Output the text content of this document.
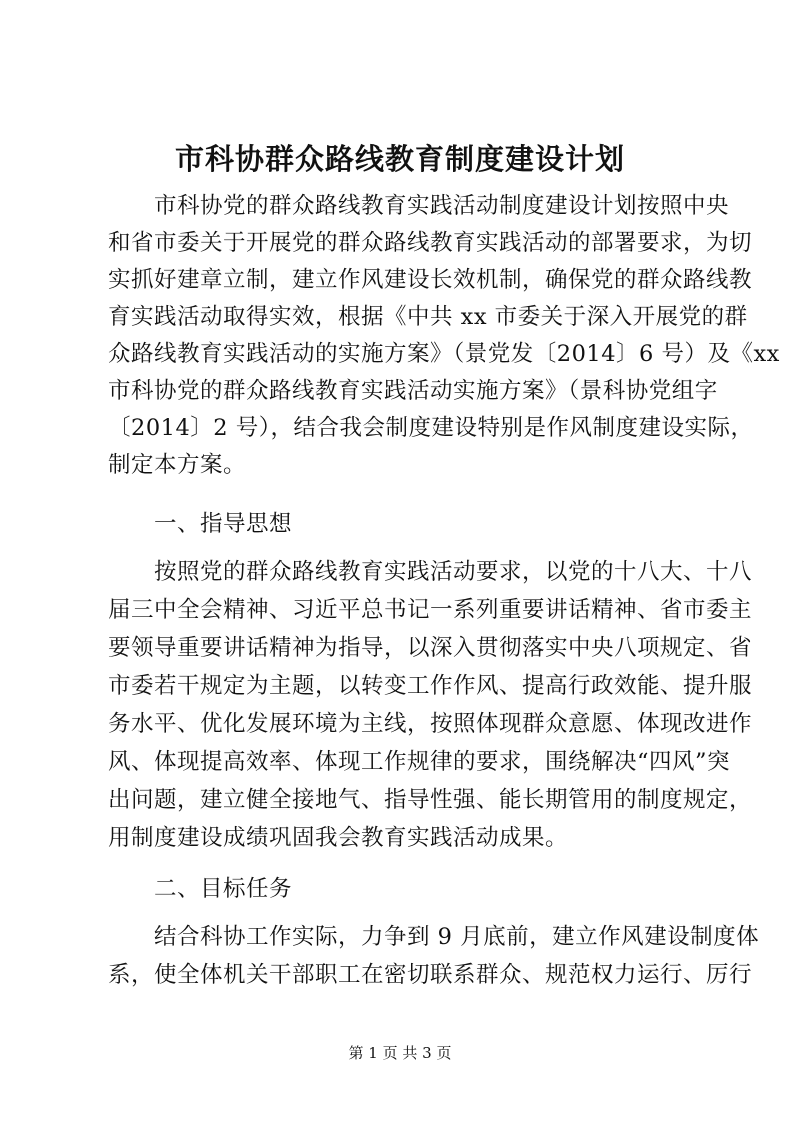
市科协群众路线教育制度建设计划
　　市科协党的群众路线教育实践活动制度建设计划按照中央
和省市委关于开展党的群众路线教育实践活动的部署要求，为切
实抓好建章立制，建立作风建设长效机制，确保党的群众路线教
育实践活动取得实效，根据《中共 xx 市委关于深入开展党的群
众路线教育实践活动的实施方案》（景党发〔2014〕6 号）及《xx
市科协党的群众路线教育实践活动实施方案》（景科协党组字
〔2014〕2 号），结合我会制度建设特别是作风制度建设实际，
制定本方案。
　　一、指导思想
　　按照党的群众路线教育实践活动要求，以党的十八大、十八
届三中全会精神、习近平总书记一系列重要讲话精神、省市委主
要领导重要讲话精神为指导，以深入贯彻落实中央八项规定、省
市委若干规定为主题，以转变工作作风、提高行政效能、提升服
务水平、优化发展环境为主线，按照体现群众意愿、体现改进作
风、体现提高效率、体现工作规律的要求，围绕解决“四风”突
出问题，建立健全接地气、指导性强、能长期管用的制度规定，
用制度建设成绩巩固我会教育实践活动成果。
　　二、目标任务
　　结合科协工作实际，力争到 9 月底前，建立作风建设制度体
系，使全体机关干部职工在密切联系群众、规范权力运行、厉行
第 1 页 共 3 页
